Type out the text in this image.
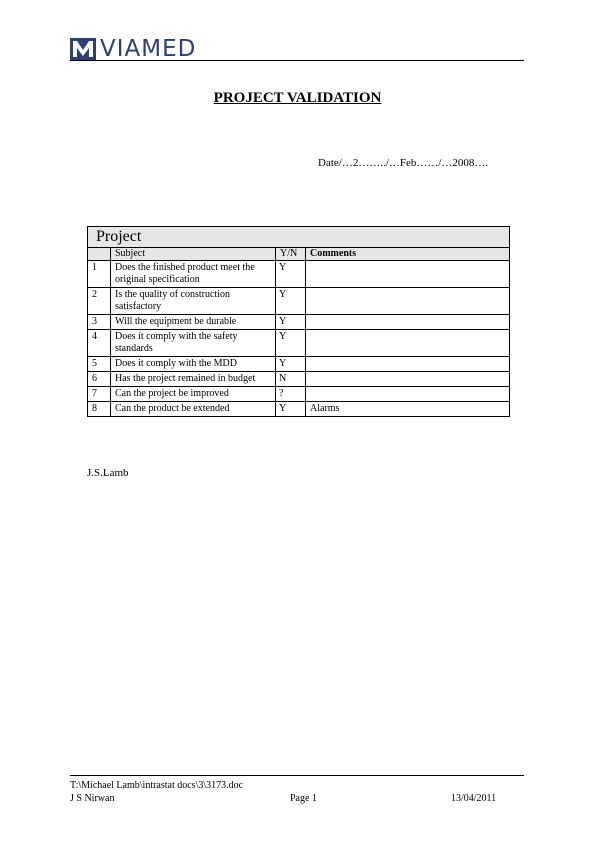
VIAMED
PROJECT VALIDATION
Date/…2……../…Feb……/…2008….
Project			
	Subject	Y/N	Comments
1	Does the finished product meet the original specification	Y	
2	Is the quality of construction satisfactory	Y	
3	Will the equipment be durable	Y	
4	Does it comply with the safety standards	Y	
5	Does it comply with the MDD	Y	
6	Has the project remained in budget	N	
7	Can the project be improved	?	
8	Can the product be extended	Y	Alarms
J.S.Lamb
T:\Michael Lamb\intrastat docs\3\3173.doc
J S Nirwan	Page 1	13/04/2011
